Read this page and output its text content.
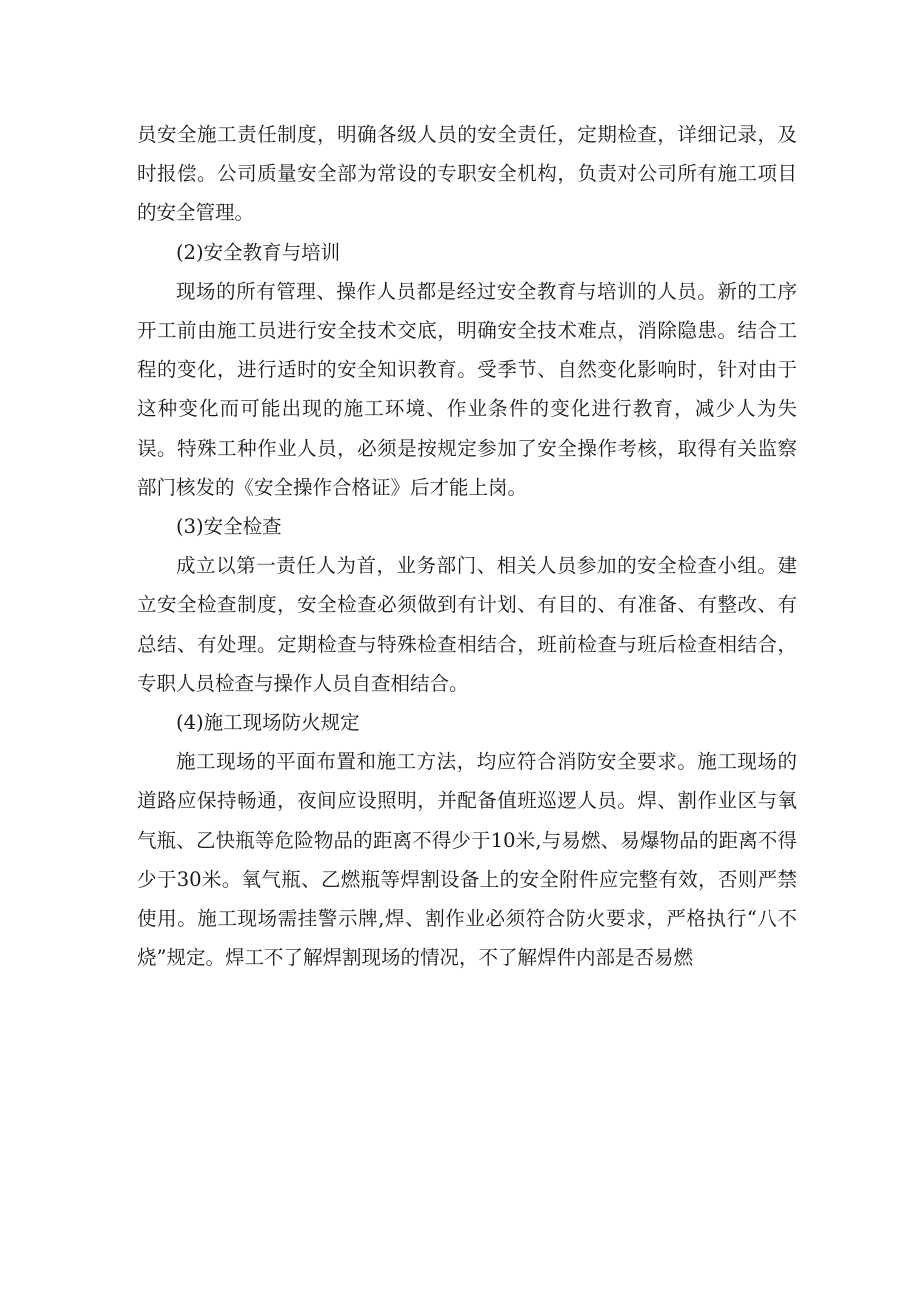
员安全施工责任制度，明确各级人员的安全责任，定期检查，详细记录，及时报偿。公司质量安全部为常设的专职安全机构，负责对公司所有施工项目的安全管理。

(2)安全教育与培训

现场的所有管理、操作人员都是经过安全教育与培训的人员。新的工序开工前由施工员进行安全技术交底，明确安全技术难点，消除隐患。结合工程的变化，进行适时的安全知识教育。受季节、自然变化影响时，针对由于这种变化而可能出现的施工环境、作业条件的变化进行教育，减少人为失误。特殊工种作业人员，必须是按规定参加了安全操作考核，取得有关监察部门核发的《安全操作合格证》后才能上岗。

(3)安全检查

成立以第一责任人为首，业务部门、相关人员参加的安全检查小组。建立安全检查制度，安全检查必须做到有计划、有目的、有准备、有整改、有总结、有处理。定期检查与特殊检查相结合，班前检查与班后检查相结合，专职人员检查与操作人员自查相结合。

(4)施工现场防火规定

施工现场的平面布置和施工方法，均应符合消防安全要求。施工现场的道路应保持畅通，夜间应设照明，并配备值班巡逻人员。焊、割作业区与氧气瓶、乙快瓶等危险物品的距离不得少于10米,与易燃、易爆物品的距离不得少于30米。氧气瓶、乙燃瓶等焊割设备上的安全附件应完整有效，否则严禁使用。施工现场需挂警示牌,焊、割作业必须符合防火要求，严格执行“八不烧”规定。焊工不了解焊割现场的情况，不了解焊件内部是否易燃
